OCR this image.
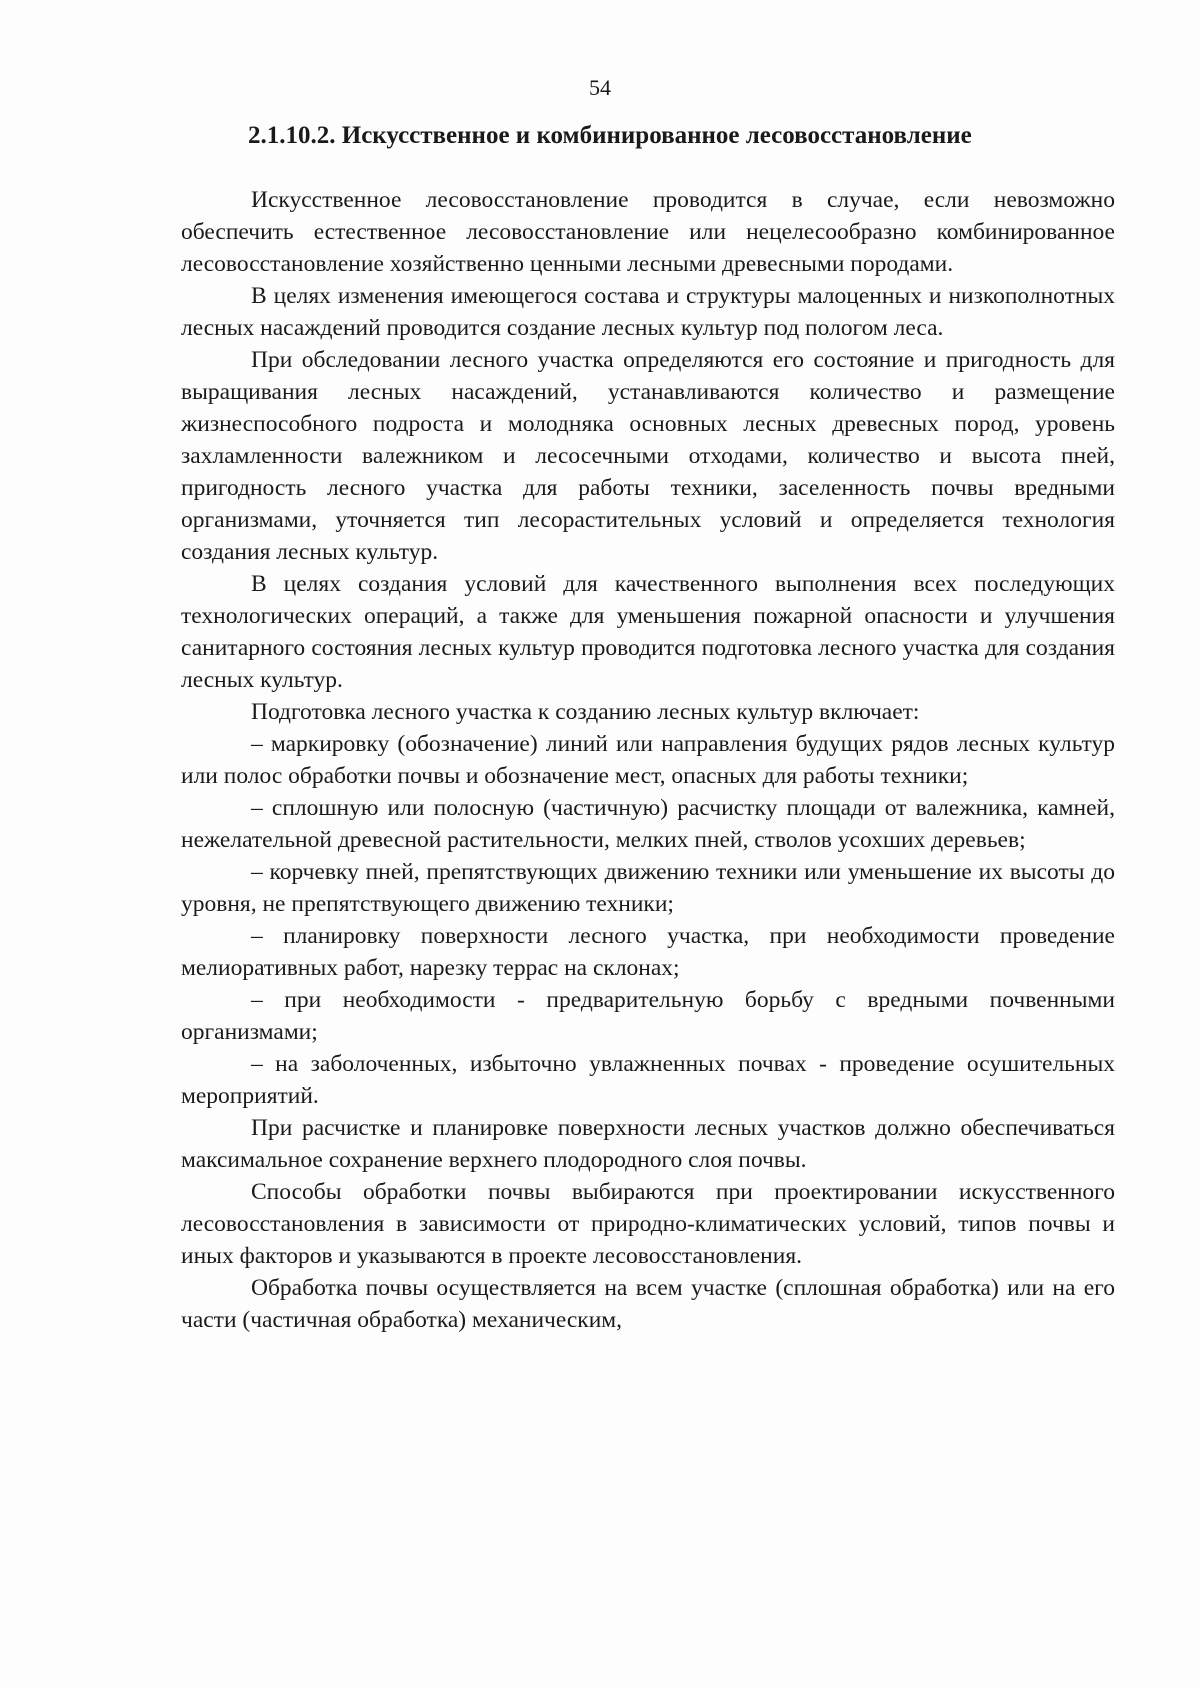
54
2.1.10.2. Искусственное и комбинированное лесовосстановление

Искусственное лесовосстановление проводится в случае, если невозможно обеспечить естественное лесовосстановление или нецелесообразно комбинированное лесовосстановление хозяйственно ценными лесными древесными породами.

В целях изменения имеющегося состава и структуры малоценных и низкополнотных лесных насаждений проводится создание лесных культур под пологом леса.

При обследовании лесного участка определяются его состояние и пригодность для выращивания лесных насаждений, устанавливаются количество и размещение жизнеспособного подроста и молодняка основных лесных древесных пород, уровень захламленности валежником и лесосечными отходами, количество и высота пней, пригодность лесного участка для работы техники, заселенность почвы вредными организмами, уточняется тип лесорастительных условий и определяется технология создания лесных культур.

В целях создания условий для качественного выполнения всех последующих технологических операций, а также для уменьшения пожарной опасности и улучшения санитарного состояния лесных культур проводится подготовка лесного участка для создания лесных культур.

Подготовка лесного участка к созданию лесных культур включает:

– маркировку (обозначение) линий или направления будущих рядов лесных культур или полос обработки почвы и обозначение мест, опасных для работы техники;

– сплошную или полосную (частичную) расчистку площади от валежника, камней, нежелательной древесной растительности, мелких пней, стволов усохших деревьев;

– корчевку пней, препятствующих движению техники или уменьшение их высоты до уровня, не препятствующего движению техники;

– планировку поверхности лесного участка, при необходимости проведение мелиоративных работ, нарезку террас на склонах;

– при необходимости - предварительную борьбу с вредными почвенными организмами;

– на заболоченных, избыточно увлажненных почвах - проведение осушительных мероприятий.

При расчистке и планировке поверхности лесных участков должно обеспечиваться максимальное сохранение верхнего плодородного слоя почвы.

Способы обработки почвы выбираются при проектировании искусственного лесовосстановления в зависимости от природно-климатических условий, типов почвы и иных факторов и указываются в проекте лесовосстановления.

Обработка почвы осуществляется на всем участке (сплошная обработка) или на его части (частичная обработка) механическим,
